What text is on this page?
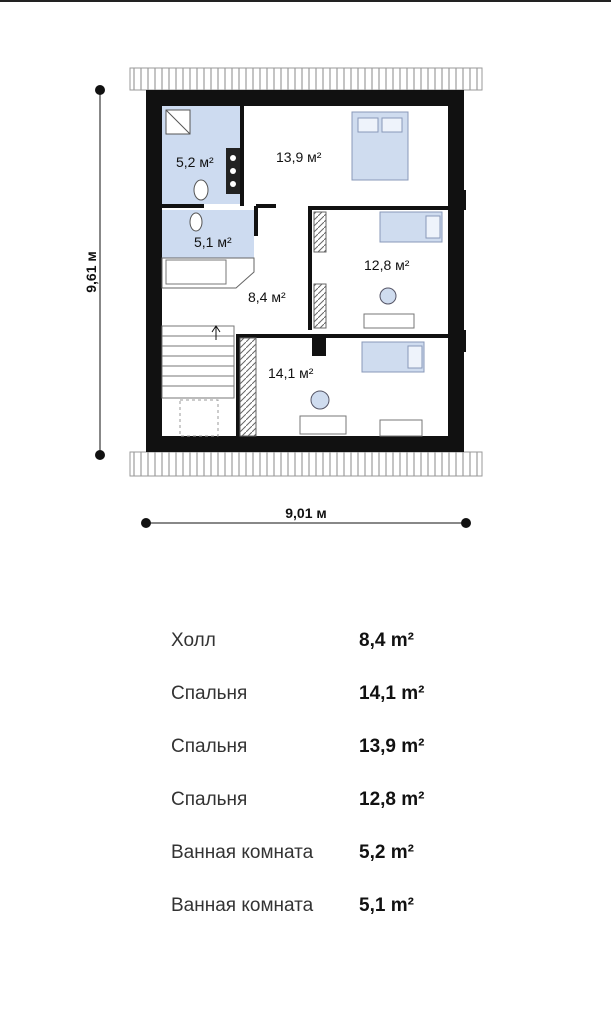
5,2 м²	13,9 м²
5,1 м²
12,8 м²
8,4 м²
14,1 м²
9,61 м
9,01 м
Холл	8,4 m²
Спальня	14,1 m²
Спальня	13,9 m²
Спальня	12,8 m²
Ванная комната 5,2 m²
Ванная комната 5,1 m²
